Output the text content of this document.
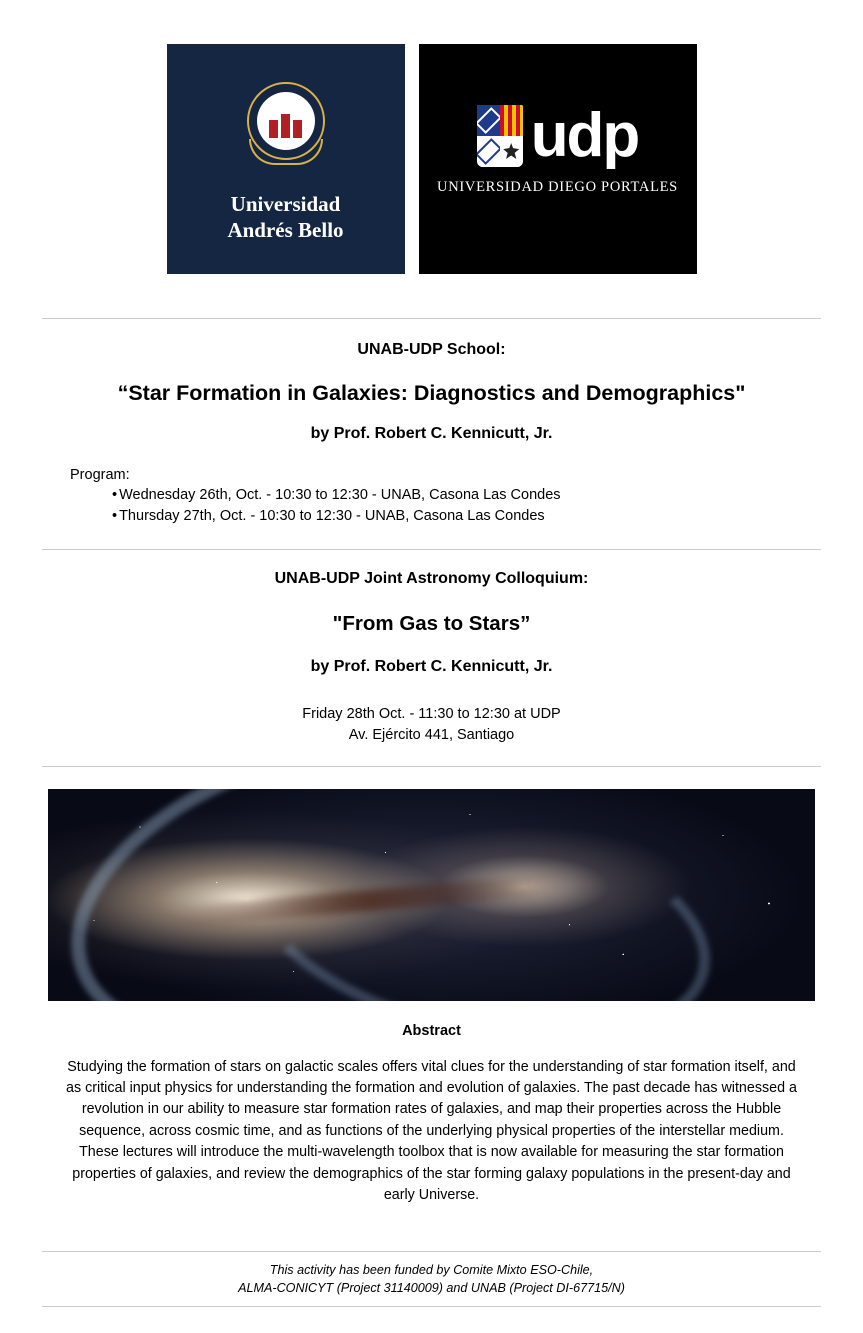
Universidad
Andrés Bello
udp
UNIVERSIDAD DIEGO PORTALES
UNAB-UDP School:
“Star Formation in Galaxies: Diagnostics and Demographics"
by Prof. Robert C. Kennicutt, Jr.
Program:
• Wednesday 26th, Oct. - 10:30 to 12:30 - UNAB, Casona Las Condes
• Thursday 27th, Oct. - 10:30 to 12:30 - UNAB, Casona Las Condes
UNAB-UDP Joint Astronomy Colloquium:
"From Gas to Stars”
by Prof. Robert C. Kennicutt, Jr.
Friday 28th Oct. - 11:30 to 12:30 at UDP
Av. Ejército 441, Santiago
Abstract
Studying the formation of stars on galactic scales offers vital clues for the understanding of star formation itself, and as critical input physics for understanding the formation and evolution of galaxies. The past decade has witnessed a revolution in our ability to measure star formation rates of galaxies, and map their properties across the Hubble sequence, across cosmic time, and as functions of the underlying physical properties of the interstellar medium. These lectures will introduce the multi-wavelength toolbox that is now available for measuring the star formation properties of galaxies, and review the demographics of the star forming galaxy populations in the present-day and early Universe.
This activity has been funded by Comite Mixto ESO-Chile,
ALMA-CONICYT (Project 31140009) and UNAB (Project DI-67715/N)
